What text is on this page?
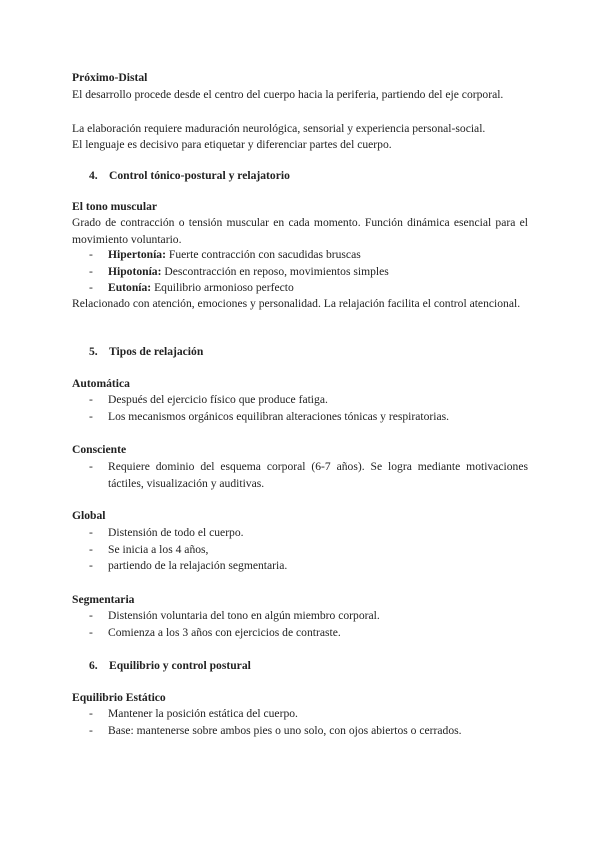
Próximo-Distal
El desarrollo procede desde el centro del cuerpo hacia la periferia, partiendo del eje corporal.
La elaboración requiere maduración neurológica, sensorial y experiencia personal-social.
El lenguaje es decisivo para etiquetar y diferenciar partes del cuerpo.
4. Control tónico-postural y relajatorio
El tono muscular
Grado de contracción o tensión muscular en cada momento. Función dinámica esencial para el movimiento voluntario.
- Hipertonía: Fuerte contracción con sacudidas bruscas
- Hipotonía: Descontracción en reposo, movimientos simples
- Eutonía: Equilibrio armonioso perfecto
Relacionado con atención, emociones y personalidad. La relajación facilita el control atencional.
5. Tipos de relajación
Automática
- Después del ejercicio físico que produce fatiga.
- Los mecanismos orgánicos equilibran alteraciones tónicas y respiratorias.
Consciente
- Requiere dominio del esquema corporal (6-7 años). Se logra mediante motivaciones táctiles, visualización y auditivas.
Global
- Distensión de todo el cuerpo.
- Se inicia a los 4 años,
- partiendo de la relajación segmentaria.
Segmentaria
- Distensión voluntaria del tono en algún miembro corporal.
- Comienza a los 3 años con ejercicios de contraste.
6. Equilibrio y control postural
Equilibrio Estático
- Mantener la posición estática del cuerpo.
- Base: mantenerse sobre ambos pies o uno solo, con ojos abiertos o cerrados.
